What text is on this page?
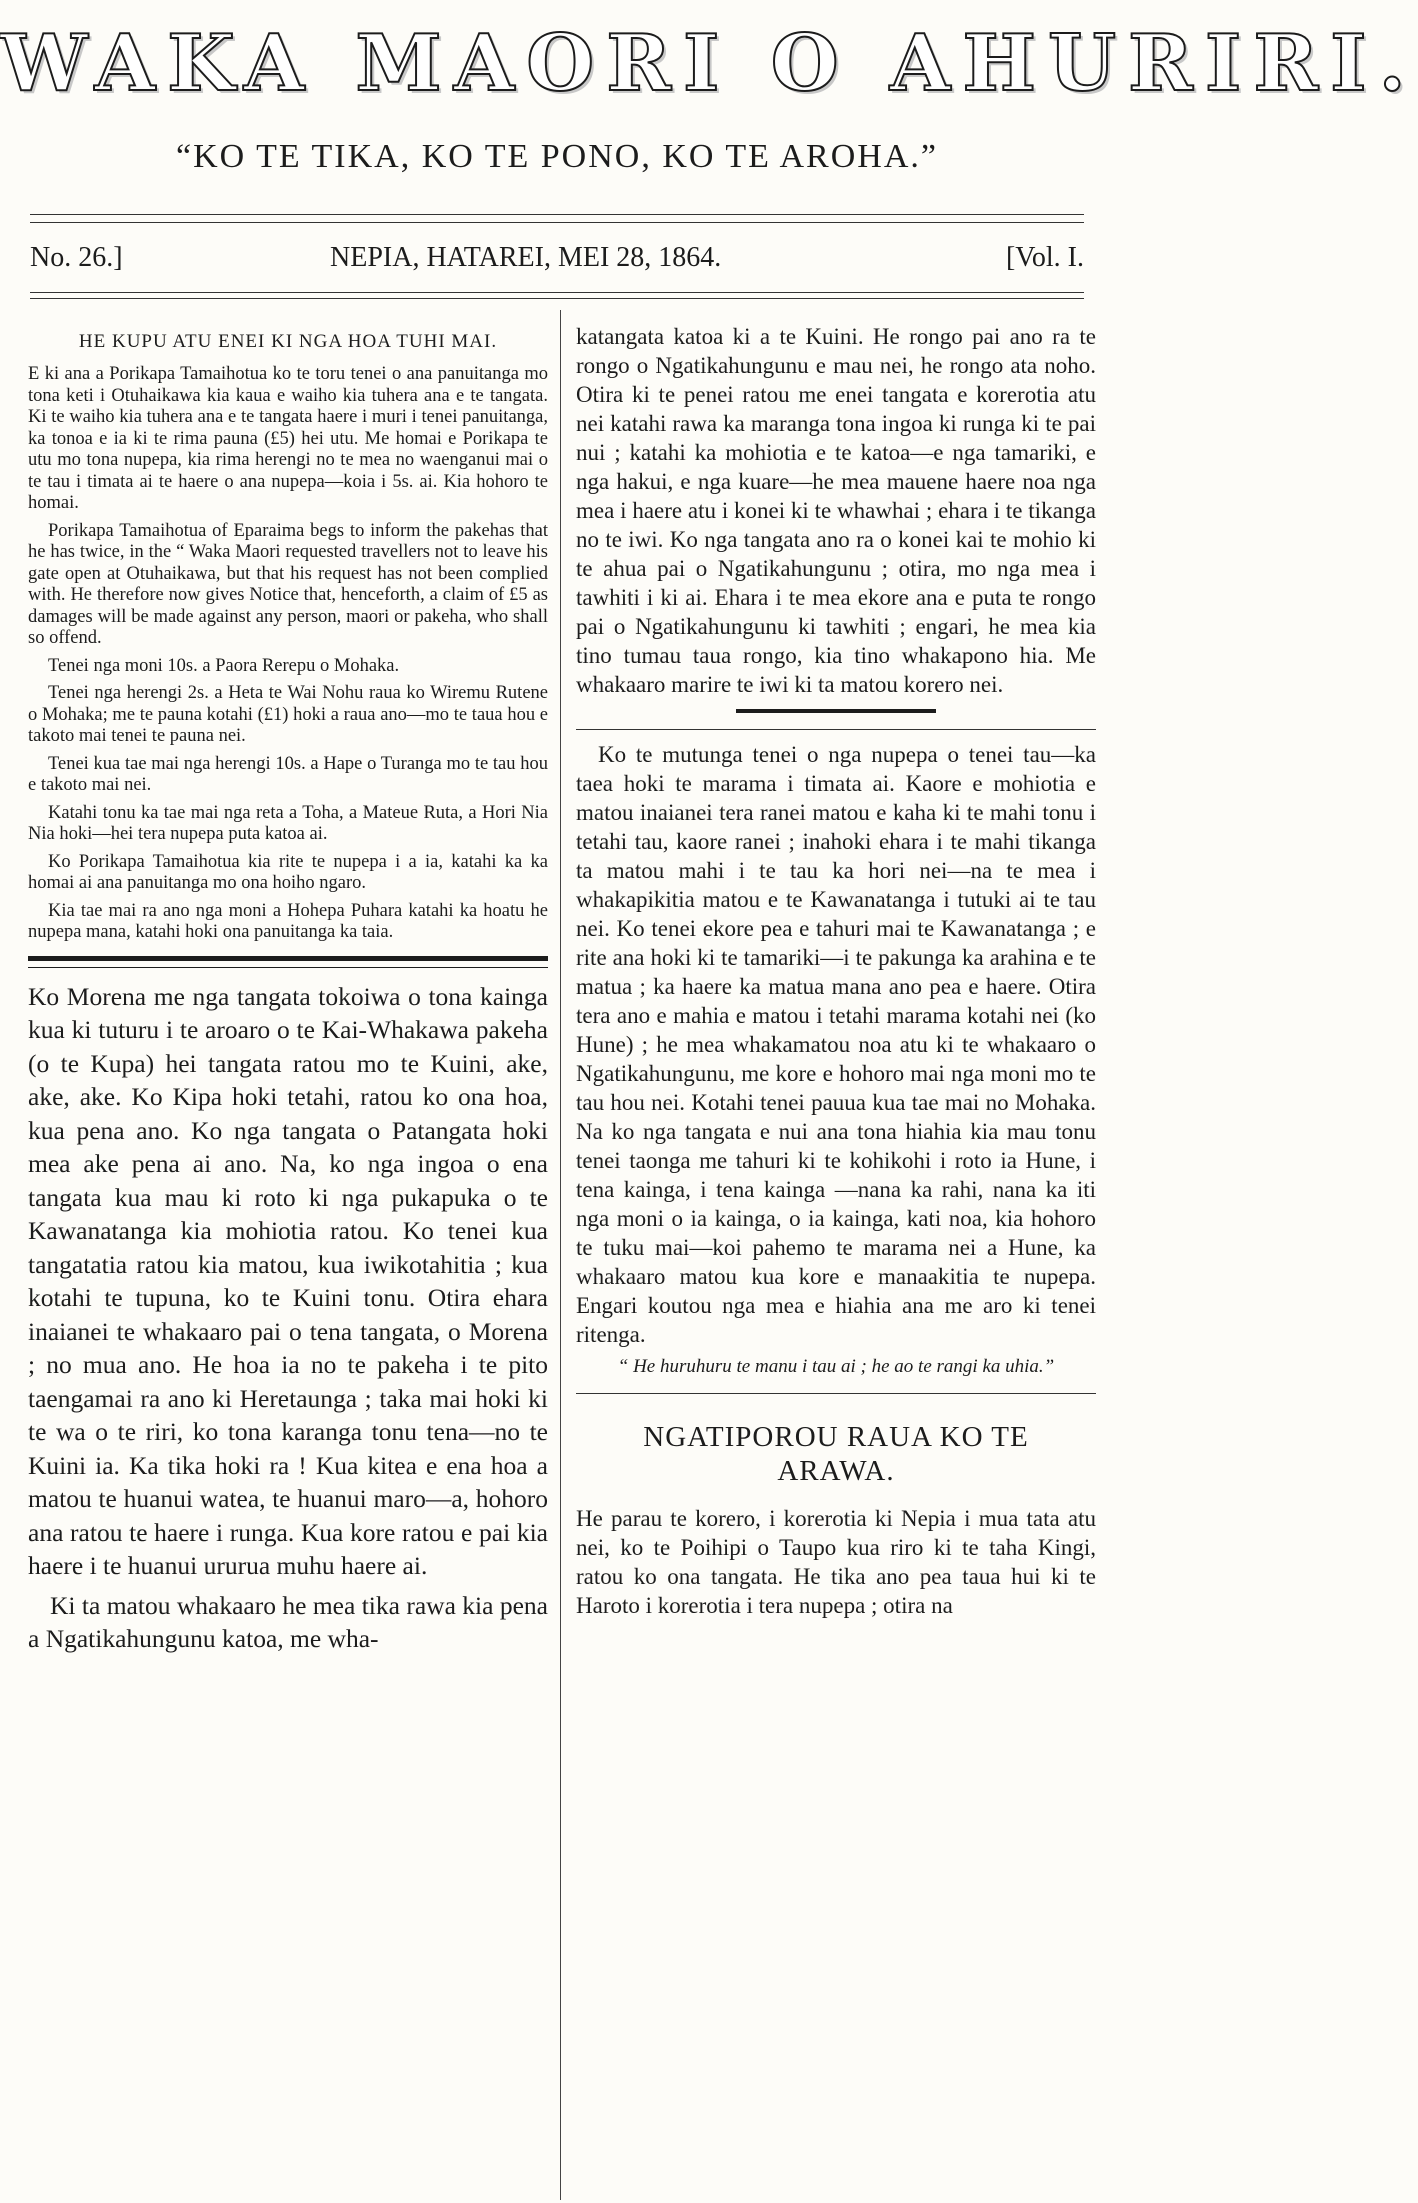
WAKA MAORI O AHURIRI.
“KO TE TIKA, KO TE PONO, KO TE AROHA.”
No. 26.]	NEPIA, HATAREI, MEI 28, 1864.	[Vol. I.
HE KUPU ATU ENEI KI NGA HOA TUHI MAI.

E ki ana a Porikapa Tamaihotua ko te toru tenei o ana panuitanga mo tona keti i Otuhaikawa kia kaua e waiho kia tuhera ana e te tangata. Ki te waiho kia tuhera ana e te tangata haere i muri i tenei panuitanga, ka tonoa e ia ki te rima pauna (£5) hei utu. Me homai e Porikapa te utu mo tona nupepa, kia rima herengi no te mea no waenganui mai o te tau i timata ai te haere o ana nupepa—koia i 5s. ai. Kia hohoro te homai.

Porikapa Tamaihotua of Eparaima begs to inform the pakehas that he has twice, in the “ Waka Maori requested travellers not to leave his gate open at Otuhaikawa, but that his request has not been complied with. He therefore now gives Notice that, henceforth, a claim of £5 as damages will be made against any person, maori or pakeha, who shall so offend.

Tenei nga moni 10s. a Paora Rerepu o Mohaka.

Tenei nga herengi 2s. a Heta te Wai Nohu raua ko Wiremu Rutene o Mohaka; me te pauna kotahi (£1) hoki a raua ano—mo te taua hou e takoto mai tenei te pauna nei.

Tenei kua tae mai nga herengi 10s. a Hape o Turanga mo te tau hou e takoto mai nei.

Katahi tonu ka tae mai nga reta a Toha, a Mateue Ruta, a Hori Nia Nia hoki—hei tera nupepa puta katoa ai.

Ko Porikapa Tamaihotua kia rite te nupepa i a ia, katahi ka ka homai ai ana panuitanga mo ona hoiho ngaro.

Kia tae mai ra ano nga moni a Hohepa Puhara katahi ka hoatu he nupepa mana, katahi hoki ona panuitanga ka taia.

Ko Morena me nga tangata tokoiwa o tona kainga kua ki tuturu i te aroaro o te Kai-Whakawa pakeha (o te Kupa) hei tangata ratou mo te Kuini, ake, ake, ake. Ko Kipa hoki tetahi, ratou ko ona hoa, kua pena ano. Ko nga tangata o Patangata hoki mea ake pena ai ano. Na, ko nga ingoa o ena tangata kua mau ki roto ki nga pukapuka o te Kawanatanga kia mohiotia ratou. Ko tenei kua tangatatia ratou kia matou, kua iwikotahitia ; kua kotahi te tupuna, ko te Kuini tonu. Otira ehara inaianei te whakaaro pai o tena tangata, o Morena ; no mua ano. He hoa ia no te pakeha i te pito taengamai ra ano ki Heretaunga ; taka mai hoki ki te wa o te riri, ko tona karanga tonu tena—no te Kuini ia. Ka tika hoki ra ! Kua kitea e ena hoa a matou te huanui watea, te huanui maro—a, hohoro ana ratou te haere i runga. Kua kore ratou e pai kia haere i te huanui ururua muhu haere ai.

Ki ta matou whakaaro he mea tika rawa kia pena a Ngatikahungunu katoa, me wha-

katangata katoa ki a te Kuini. He rongo pai ano ra te rongo o Ngatikahungunu e mau nei, he rongo ata noho. Otira ki te penei ratou me enei tangata e korerotia atu nei katahi rawa ka maranga tona ingoa ki runga ki te pai nui ; katahi ka mohiotia e te katoa—e nga tamariki, e nga hakui, e nga kuare—he mea mauene haere noa nga mea i haere atu i konei ki te whawhai ; ehara i te tikanga no te iwi. Ko nga tangata ano ra o konei kai te mohio ki te ahua pai o Ngatikahungunu ; otira, mo nga mea i tawhiti i ki ai. Ehara i te mea ekore ana e puta te rongo pai o Ngatikahungunu ki tawhiti ; engari, he mea kia tino tumau taua rongo, kia tino whakapono hia. Me whakaaro marire te iwi ki ta matou korero nei.

Ko te mutunga tenei o nga nupepa o tenei tau—ka taea hoki te marama i timata ai. Kaore e mohiotia e matou inaianei tera ranei matou e kaha ki te mahi tonu i tetahi tau, kaore ranei ; inahoki ehara i te mahi tikanga ta matou mahi i te tau ka hori nei—na te mea i whakapikitia matou e te Kawanatanga i tutuki ai te tau nei. Ko tenei ekore pea e tahuri mai te Kawanatanga ; e rite ana hoki ki te tamariki—i te pakunga ka arahina e te matua ; ka haere ka matua mana ano pea e haere. Otira tera ano e mahia e matou i tetahi marama kotahi nei (ko Hune) ; he mea whakamatou noa atu ki te whakaaro o Ngatikahungunu, me kore e hohoro mai nga moni mo te tau hou nei. Kotahi tenei pauua kua tae mai no Mohaka. Na ko nga tangata e nui ana tona hiahia kia mau tonu tenei taonga me tahuri ki te kohikohi i roto ia Hune, i tena kainga, i tena kainga —nana ka rahi, nana ka iti nga moni o ia kainga, o ia kainga, kati noa, kia hohoro te tuku mai—koi pahemo te marama nei a Hune, ka whakaaro matou kua kore e manaakitia te nupepa. Engari koutou nga mea e hiahia ana me aro ki tenei ritenga.

“ He huruhuru te manu i tau ai ; he ao te rangi ka uhia.”
NGATIPOROU RAUA KO TE ARAWA.

He parau te korero, i korerotia ki Nepia i mua tata atu nei, ko te Poihipi o Taupo kua riro ki te taha Kingi, ratou ko ona tangata. He tika ano pea taua hui ki te Haroto i korerotia i tera nupepa ; otira na
